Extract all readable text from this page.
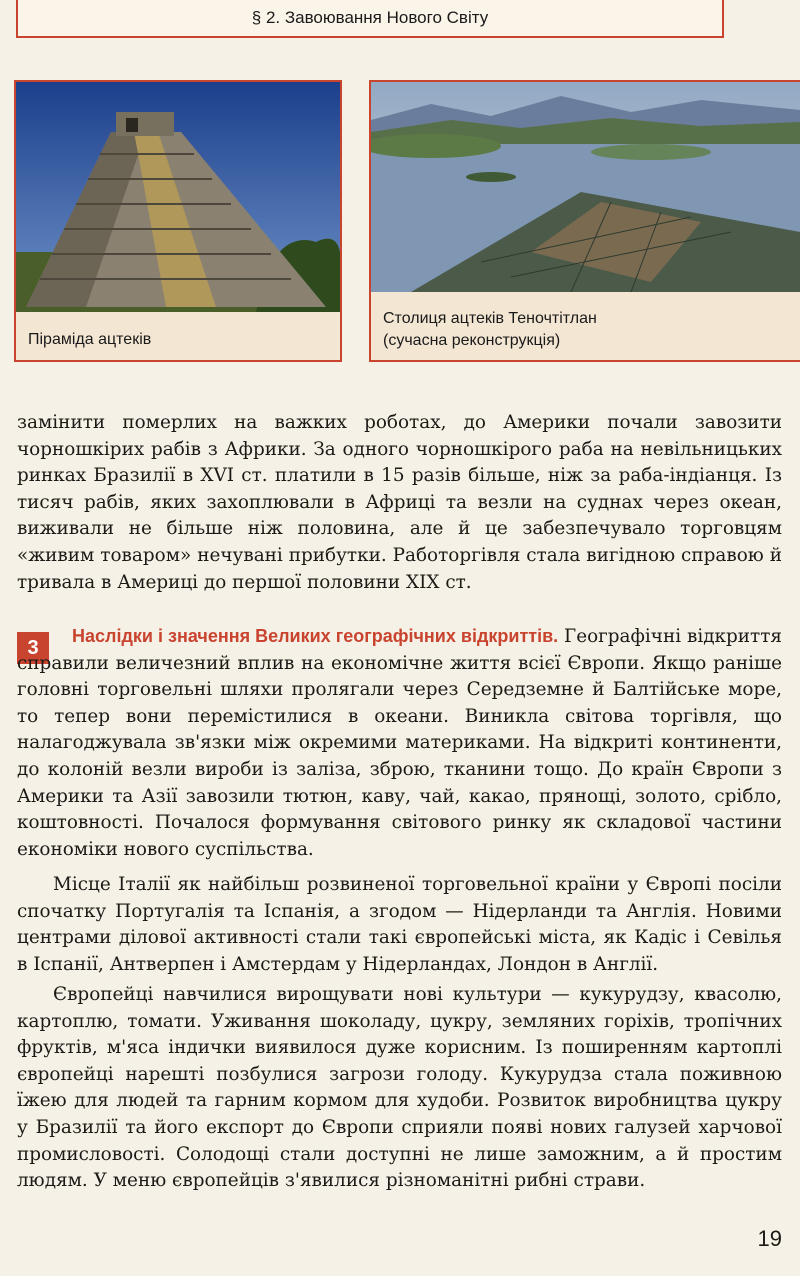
§ 2. Завоювання Нового Світу
Піраміда ацтеків
Столиця ацтеків Теночтітлан
(сучасна реконструкція)

замінити померлих на важких роботах, до Америки почали завозити чорношкірих рабів з Африки. За одного чорношкірого раба на невільницьких ринках Бразилії в XVI ст. платили в 15 разів більше, ніж за раба-індіанця. Із тисяч рабів, яких захоплювали в Африці та везли на суднах через океан, виживали не більше ніж половина, але й це забезпечувало торговцям «живим товаром» нечувані прибутки. Работоргівля стала вигідною справою й тривала в Америці до першої половини XIX ст.

3

Наслідки і значення Великих географічних відкриттів. Географічні відкриття справили величезний вплив на економічне життя всієї Європи. Якщо раніше головні торговельні шляхи пролягали через Середземне й Балтійське море, то тепер вони перемістилися в океани. Виникла світова торгівля, що налагоджувала зв'язки між окремими материками. На відкриті континенти, до колоній везли вироби із заліза, зброю, тканини тощо. До країн Європи з Америки та Азії завозили тютюн, каву, чай, какао, прянощі, золото, срібло, коштовності. Почалося формування світового ринку як складової частини економіки нового суспільства.

Місце Італії як найбільш розвиненої торговельної країни у Європі посіли спочатку Португалія та Іспанія, а згодом — Нідерланди та Англія. Новими центрами ділової активності стали такі європейські міста, як Кадіс і Севілья в Іспанії, Антверпен і Амстердам у Нідерландах, Лондон в Англії.

Європейці навчилися вирощувати нові культури — кукурудзу, квасолю, картоплю, томати. Уживання шоколаду, цукру, земляних горіхів, тропічних фруктів, м'яса індички виявилося дуже корисним. Із поширенням картоплі європейці нарешті позбулися загрози голоду. Кукурудза стала поживною їжею для людей та гарним кормом для худоби. Розвиток виробництва цукру у Бразилії та його експорт до Європи сприяли появі нових галузей харчової промисловості. Солодощі стали доступні не лише заможним, а й простим людям. У меню європейців з'явилися різноманітні рибні страви.

19
